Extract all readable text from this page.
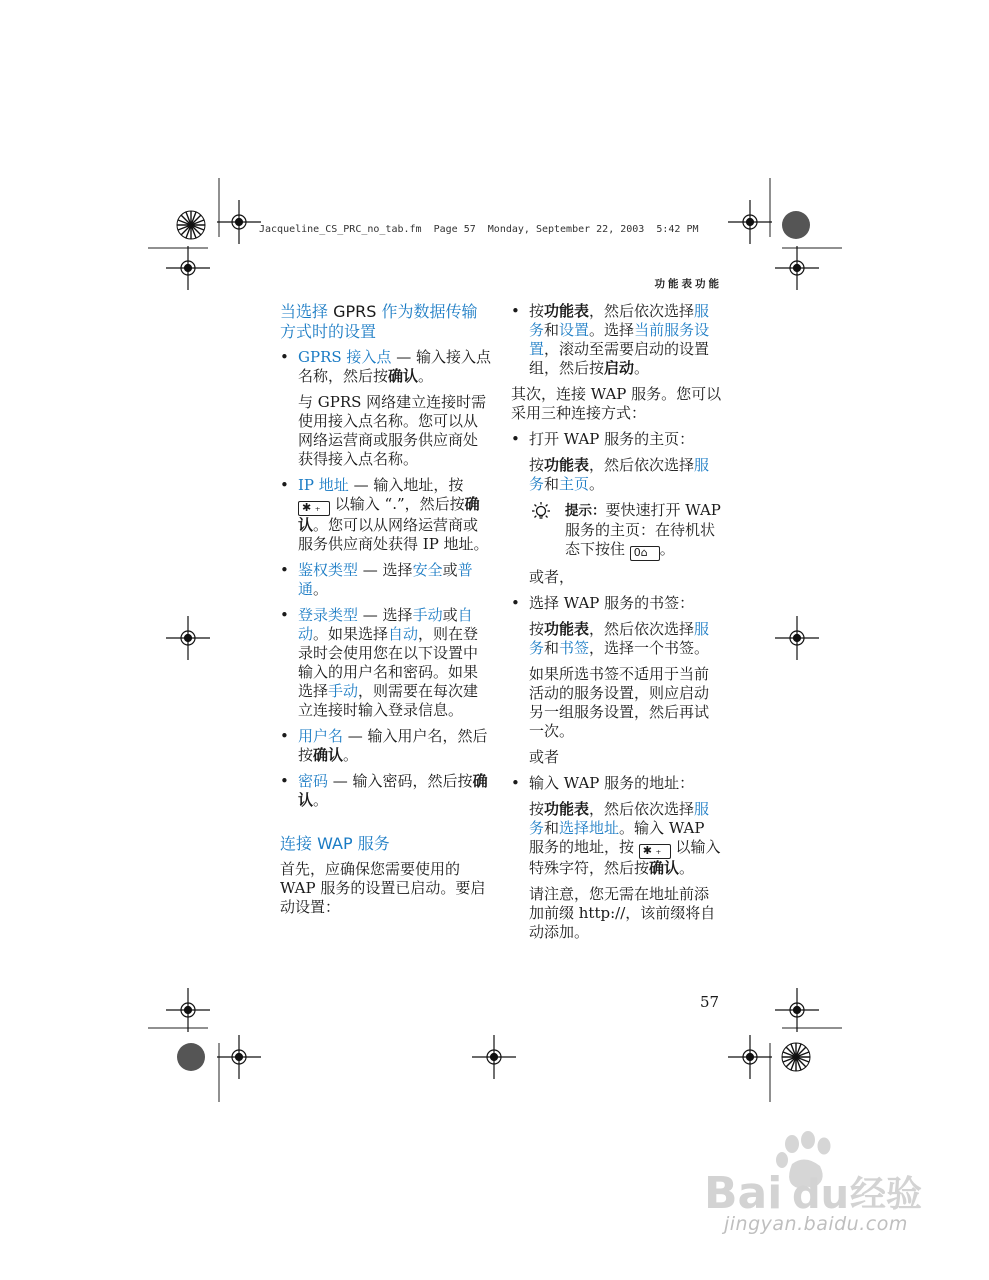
Jacqueline_CS_PRC_no_tab.fm  Page 57  Monday, September 22, 2003  5:42 PM
功能表功能
当选择 GPRS 作为数据传输方式时的设置
• GPRS 接入点 — 输入接入点名称，然后按确认。
与 GPRS 网络建立连接时需使用接入点名称。您可以从网络运营商或服务供应商处获得接入点名称。
• IP 地址 — 输入地址，按 ✱ ₊ 以输入 “.”，然后按确认。您可以从网络运营商或服务供应商处获得 IP 地址。
• 鉴权类型 — 选择安全或普通。
• 登录类型 — 选择手动或自动。如果选择自动，则在登录时会使用您在以下设置中输入的用户名和密码。如果选择手动，则需要在每次建立连接时输入登录信息。
• 用户名 — 输入用户名，然后按确认。
• 密码 — 输入密码，然后按确认。
连接 WAP 服务
首先，应确保您需要使用的 WAP 服务的设置已启动。要启动设置：
• 按功能表，然后依次选择服务和设置。选择当前服务设置，滚动至需要启动的设置组，然后按启动。
其次，连接 WAP 服务。您可以采用三种连接方式：
• 打开 WAP 服务的主页：
按功能表，然后依次选择服务和主页。
提示：要快速打开 WAP 服务的主页：在待机状态下按住 0⌂ 。
或者，
• 选择 WAP 服务的书签：
按功能表，然后依次选择服务和书签，选择一个书签。
如果所选书签不适用于当前活动的服务设置，则应启动另一组服务设置，然后再试一次。
或者
• 输入 WAP 服务的地址：
按功能表，然后依次选择服务和选择地址。输入 WAP 服务的地址，按 ✱ ₊ 以输入特殊字符，然后按确认。
请注意，您无需在地址前添加前缀 http://，该前缀将自动添加。
57
Bai du 经验
jingyan.baidu.com
